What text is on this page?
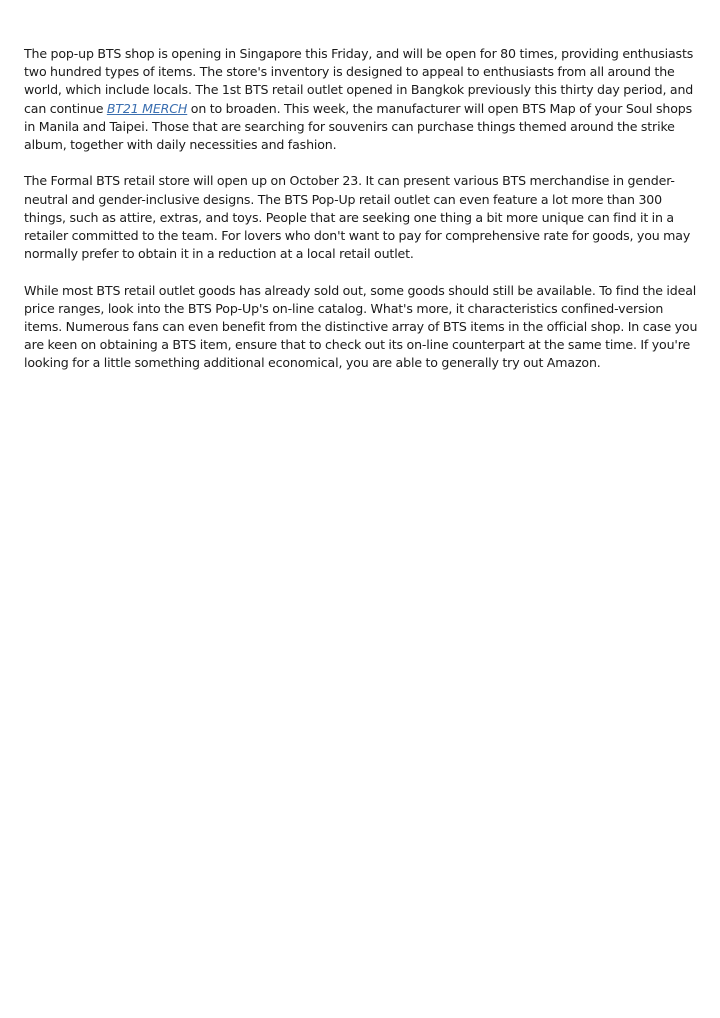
The pop-up BTS shop is opening in Singapore this Friday, and will be open for 80 times, providing enthusiasts two hundred types of items. The store's inventory is designed to appeal to enthusiasts from all around the world, which include locals. The 1st BTS retail outlet opened in Bangkok previously this thirty day period, and can continue BT21 MERCH on to broaden. This week, the manufacturer will open BTS Map of your Soul shops in Manila and Taipei. Those that are searching for souvenirs can purchase things themed around the strike album, together with daily necessities and fashion.

The Formal BTS retail store will open up on October 23. It can present various BTS merchandise in gender-neutral and gender-inclusive designs. The BTS Pop-Up retail outlet can even feature a lot more than 300 things, such as attire, extras, and toys. People that are seeking one thing a bit more unique can find it in a retailer committed to the team. For lovers who don't want to pay for comprehensive rate for goods, you may normally prefer to obtain it in a reduction at a local retail outlet.

While most BTS retail outlet goods has already sold out, some goods should still be available. To find the ideal price ranges, look into the BTS Pop-Up's on-line catalog. What's more, it characteristics confined-version items. Numerous fans can even benefit from the distinctive array of BTS items in the official shop. In case you are keen on obtaining a BTS item, ensure that to check out its on-line counterpart at the same time. If you're looking for a little something additional economical, you are able to generally try out Amazon.
